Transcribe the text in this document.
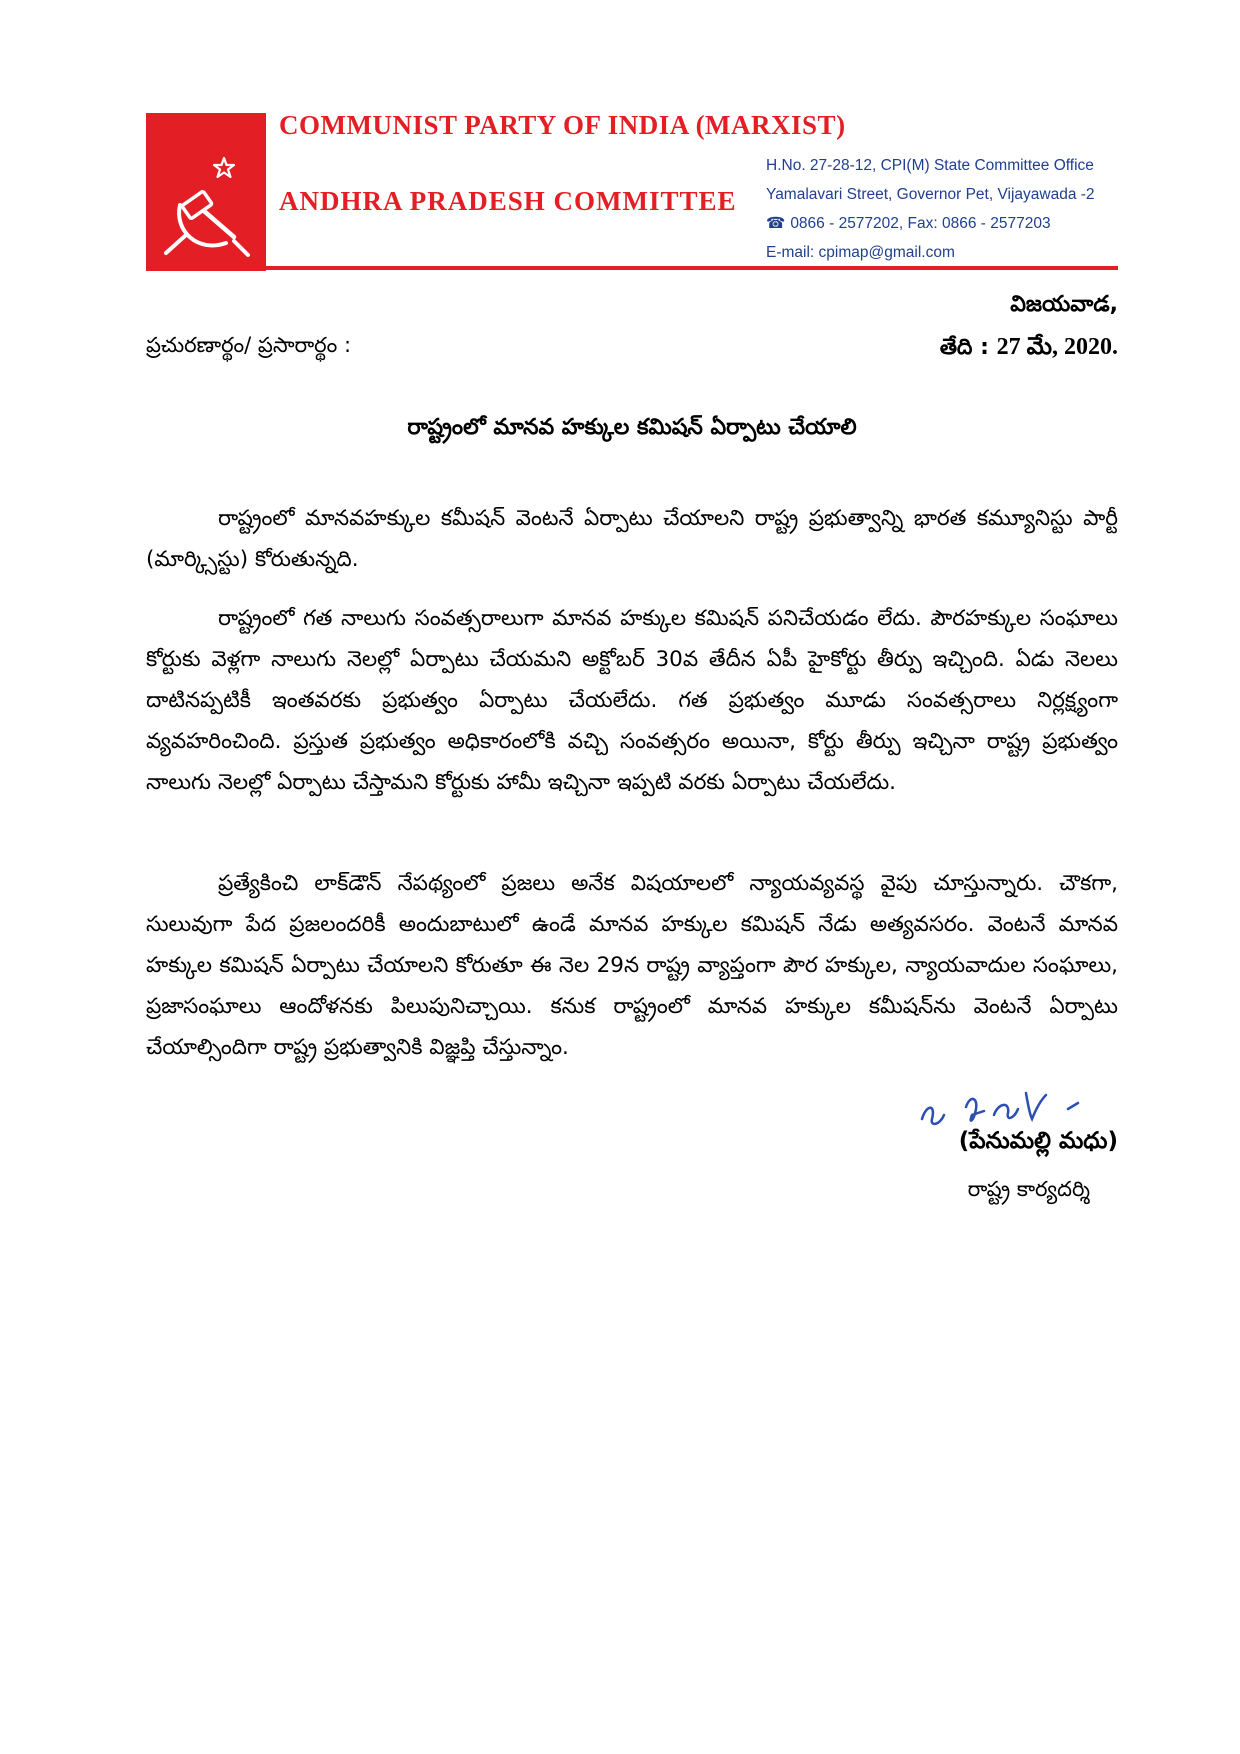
COMMUNIST PARTY OF INDIA (MARXIST)
ANDHRA PRADESH COMMITTEE
H.No. 27-28-12, CPI(M) State Committee Office
Yamalavari Street, Governor Pet, Vijayawada -2
☎ 0866 - 2577202, Fax: 0866 - 2577203
E-mail: cpimap@gmail.com
విజయవాడ,
ప్రచురణార్థం/ ప్రసారార్థం :	తేది : 27 మే, 2020.
రాష్ట్రంలో మానవ హక్కుల కమిషన్ ఏర్పాటు చేయాలి

రాష్ట్రంలో మానవహక్కుల కమీషన్ వెంటనే ఏర్పాటు చేయాలని రాష్ట్ర ప్రభుత్వాన్ని భారత కమ్యూనిస్టు పార్టీ (మార్క్సిస్టు) కోరుతున్నది.

రాష్ట్రంలో గత నాలుగు సంవత్సరాలుగా మానవ హక్కుల కమిషన్ పనిచేయడం లేదు. పౌరహక్కుల సంఘాలు కోర్టుకు వెళ్లగా నాలుగు నెలల్లో ఏర్పాటు చేయమని అక్టోబర్ 30వ తేదీన ఏపీ హైకోర్టు తీర్పు ఇచ్చింది. ఏడు నెలలు దాటినప్పటికీ ఇంతవరకు ప్రభుత్వం ఏర్పాటు చేయలేదు. గత ప్రభుత్వం మూడు సంవత్సరాలు నిర్లక్ష్యంగా వ్యవహరించింది. ప్రస్తుత ప్రభుత్వం అధికారంలోకి వచ్చి సంవత్సరం అయినా, కోర్టు తీర్పు ఇచ్చినా రాష్ట్ర ప్రభుత్వం నాలుగు నెలల్లో ఏర్పాటు చేస్తామని కోర్టుకు హామీ ఇచ్చినా ఇప్పటి వరకు ఏర్పాటు చేయలేదు.

ప్రత్యేకించి లాక్‌డౌన్ నేపథ్యంలో ప్రజలు అనేక విషయాలలో న్యాయవ్యవస్థ వైపు చూస్తున్నారు. చౌకగా, సులువుగా పేద ప్రజలందరికీ అందుబాటులో ఉండే మానవ హక్కుల కమిషన్ నేడు అత్యవసరం. వెంటనే మానవ హక్కుల కమిషన్ ఏర్పాటు చేయాలని కోరుతూ ఈ నెల 29న రాష్ట్ర వ్యాప్తంగా పౌర హక్కుల, న్యాయవాదుల సంఘాలు, ప్రజాసంఘాలు ఆందోళనకు పిలుపునిచ్చాయి. కనుక రాష్ట్రంలో మానవ హక్కుల కమీషన్‌ను వెంటనే ఏర్పాటు చేయాల్సిందిగా రాష్ట్ర ప్రభుత్వానికి విజ్ఞప్తి చేస్తున్నాం.

(పేనుమల్లి మధు)
రాష్ట్ర కార్యదర్శి
